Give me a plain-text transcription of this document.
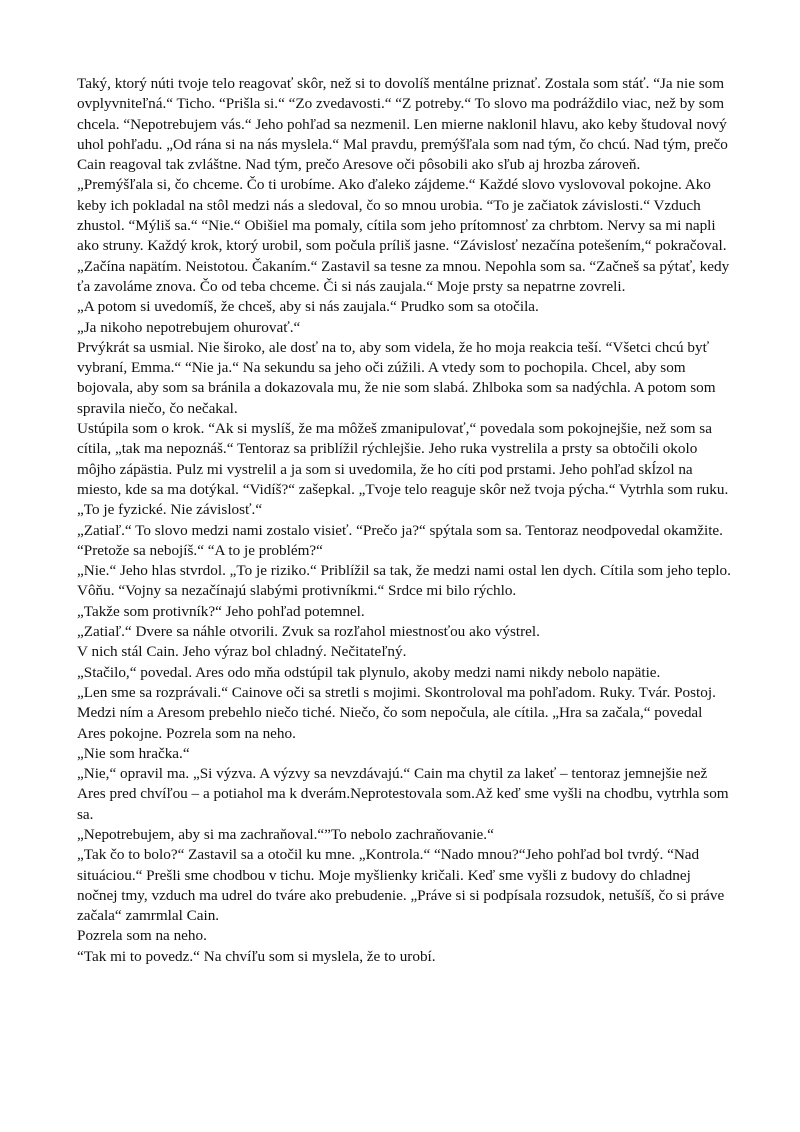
Taký, ktorý núti tvoje telo reagovať skôr, než si to dovolíš mentálne priznať. Zostala som stáť. “Ja nie som ovplyvniteľná.“ Ticho. “Prišla si.“ “Zo zvedavosti.“ “Z potreby.“ To slovo ma podráždilo viac, než by som chcela. “Nepotrebujem vás.“ Jeho pohľad sa nezmenil. Len mierne naklonil hlavu, ako keby študoval nový uhol pohľadu. „Od rána si na nás myslela.“ Mal pravdu, premýšľala som nad tým, čo chcú. Nad tým, prečo Cain reagoval tak zvláštne. Nad tým, prečo Aresove oči pôsobili ako sľub aj hrozba zároveň.

„Premýšľala si, čo chceme. Čo ti urobíme. Ako ďaleko zájdeme.“ Každé slovo vyslovoval pokojne. Ako keby ich pokladal na stôl medzi nás a sledoval, čo so mnou urobia. “To je začiatok závislosti.“ Vzduch zhustol. “Mýliš sa.“ “Nie.“ Obišiel ma pomaly, cítila som jeho prítomnosť za chrbtom. Nervy sa mi napli ako struny. Každý krok, ktorý urobil, som počula príliš jasne. “Závislosť nezačína potešením,“ pokračoval. „Začína napätím. Neistotou. Čakaním.“ Zastavil sa tesne za mnou. Nepohla som sa. “Začneš sa pýtať, kedy ťa zavoláme znova. Čo od teba chceme. Či si nás zaujala.“ Moje prsty sa nepatrne zovreli.

„A potom si uvedomíš, že chceš, aby si nás zaujala.“ Prudko som sa otočila.

„Ja nikoho nepotrebujem ohurovať.“

Prvýkrát sa usmial. Nie široko, ale dosť na to, aby som videla, že ho moja reakcia teší. “Všetci chcú byť vybraní, Emma.“ “Nie ja.“ Na sekundu sa jeho oči zúžili. A vtedy som to pochopila. Chcel, aby som bojovala, aby som sa bránila a dokazovala mu, že nie som slabá. Zhlboka som sa nadýchla. A potom som spravila niečo, čo nečakal.

Ustúpila som o krok. “Ak si myslíš, že ma môžeš zmanipulovať,“ povedala som pokojnejšie, než som sa cítila, „tak ma nepoznáš.“ Tentoraz sa priblížil rýchlejšie. Jeho ruka vystrelila a prsty sa obtočili okolo môjho zápästia. Pulz mi vystrelil a ja som si uvedomila, že ho cíti pod prstami. Jeho pohľad skĺzol na miesto, kde sa ma dotýkal. “Vidíš?“ zašepkal. „Tvoje telo reaguje skôr než tvoja pýcha.“ Vytrhla som ruku.

„To je fyzické. Nie závislosť.“

„Zatiaľ.“ To slovo medzi nami zostalo visieť. “Prečo ja?“ spýtala som sa. Tentoraz neodpovedal okamžite. “Pretože sa nebojíš.“ “A to je problém?“

„Nie.“ Jeho hlas stvrdol. „To je riziko.“ Priblížil sa tak, že medzi nami ostal len dych. Cítila som jeho teplo. Vôňu. “Vojny sa nezačínajú slabými protivníkmi.“ Srdce mi bilo rýchlo.

„Takže som protivník?“ Jeho pohľad potemnel.

„Zatiaľ.“ Dvere sa náhle otvorili. Zvuk sa rozľahol miestnosťou ako výstrel.

V nich stál Cain. Jeho výraz bol chladný. Nečitateľný.

„Stačilo,“ povedal. Ares odo mňa odstúpil tak plynulo, akoby medzi nami nikdy nebolo napätie.

„Len sme sa rozprávali.“ Cainove oči sa stretli s mojimi. Skontroloval ma pohľadom. Ruky. Tvár. Postoj. Medzi ním a Aresom prebehlo niečo tiché. Niečo, čo som nepočula, ale cítila. „Hra sa začala,“ povedal Ares pokojne. Pozrela som na neho.

„Nie som hračka.“

„Nie,“ opravil ma. „Si výzva. A výzvy sa nevzdávajú.“ Cain ma chytil za lakeť – tentoraz jemnejšie než Ares pred chvíľou – a potiahol ma k dverám.Neprotestovala som.Až keď sme vyšli na chodbu, vytrhla som sa.

„Nepotrebujem, aby si ma zachraňoval.“”To nebolo zachraňovanie.“

„Tak čo to bolo?“ Zastavil sa a otočil ku mne. „Kontrola.“ “Nado mnou?“Jeho pohľad bol tvrdý. “Nad situáciou.“ Prešli sme chodbou v tichu. Moje myšlienky kričali. Keď sme vyšli z budovy do chladnej nočnej tmy, vzduch ma udrel do tváre ako prebudenie. „Práve si si podpísala rozsudok, netušíš, čo si práve začala“ zamrmlal Cain.

Pozrela som na neho.

“Tak mi to povedz.“ Na chvíľu som si myslela, že to urobí.
